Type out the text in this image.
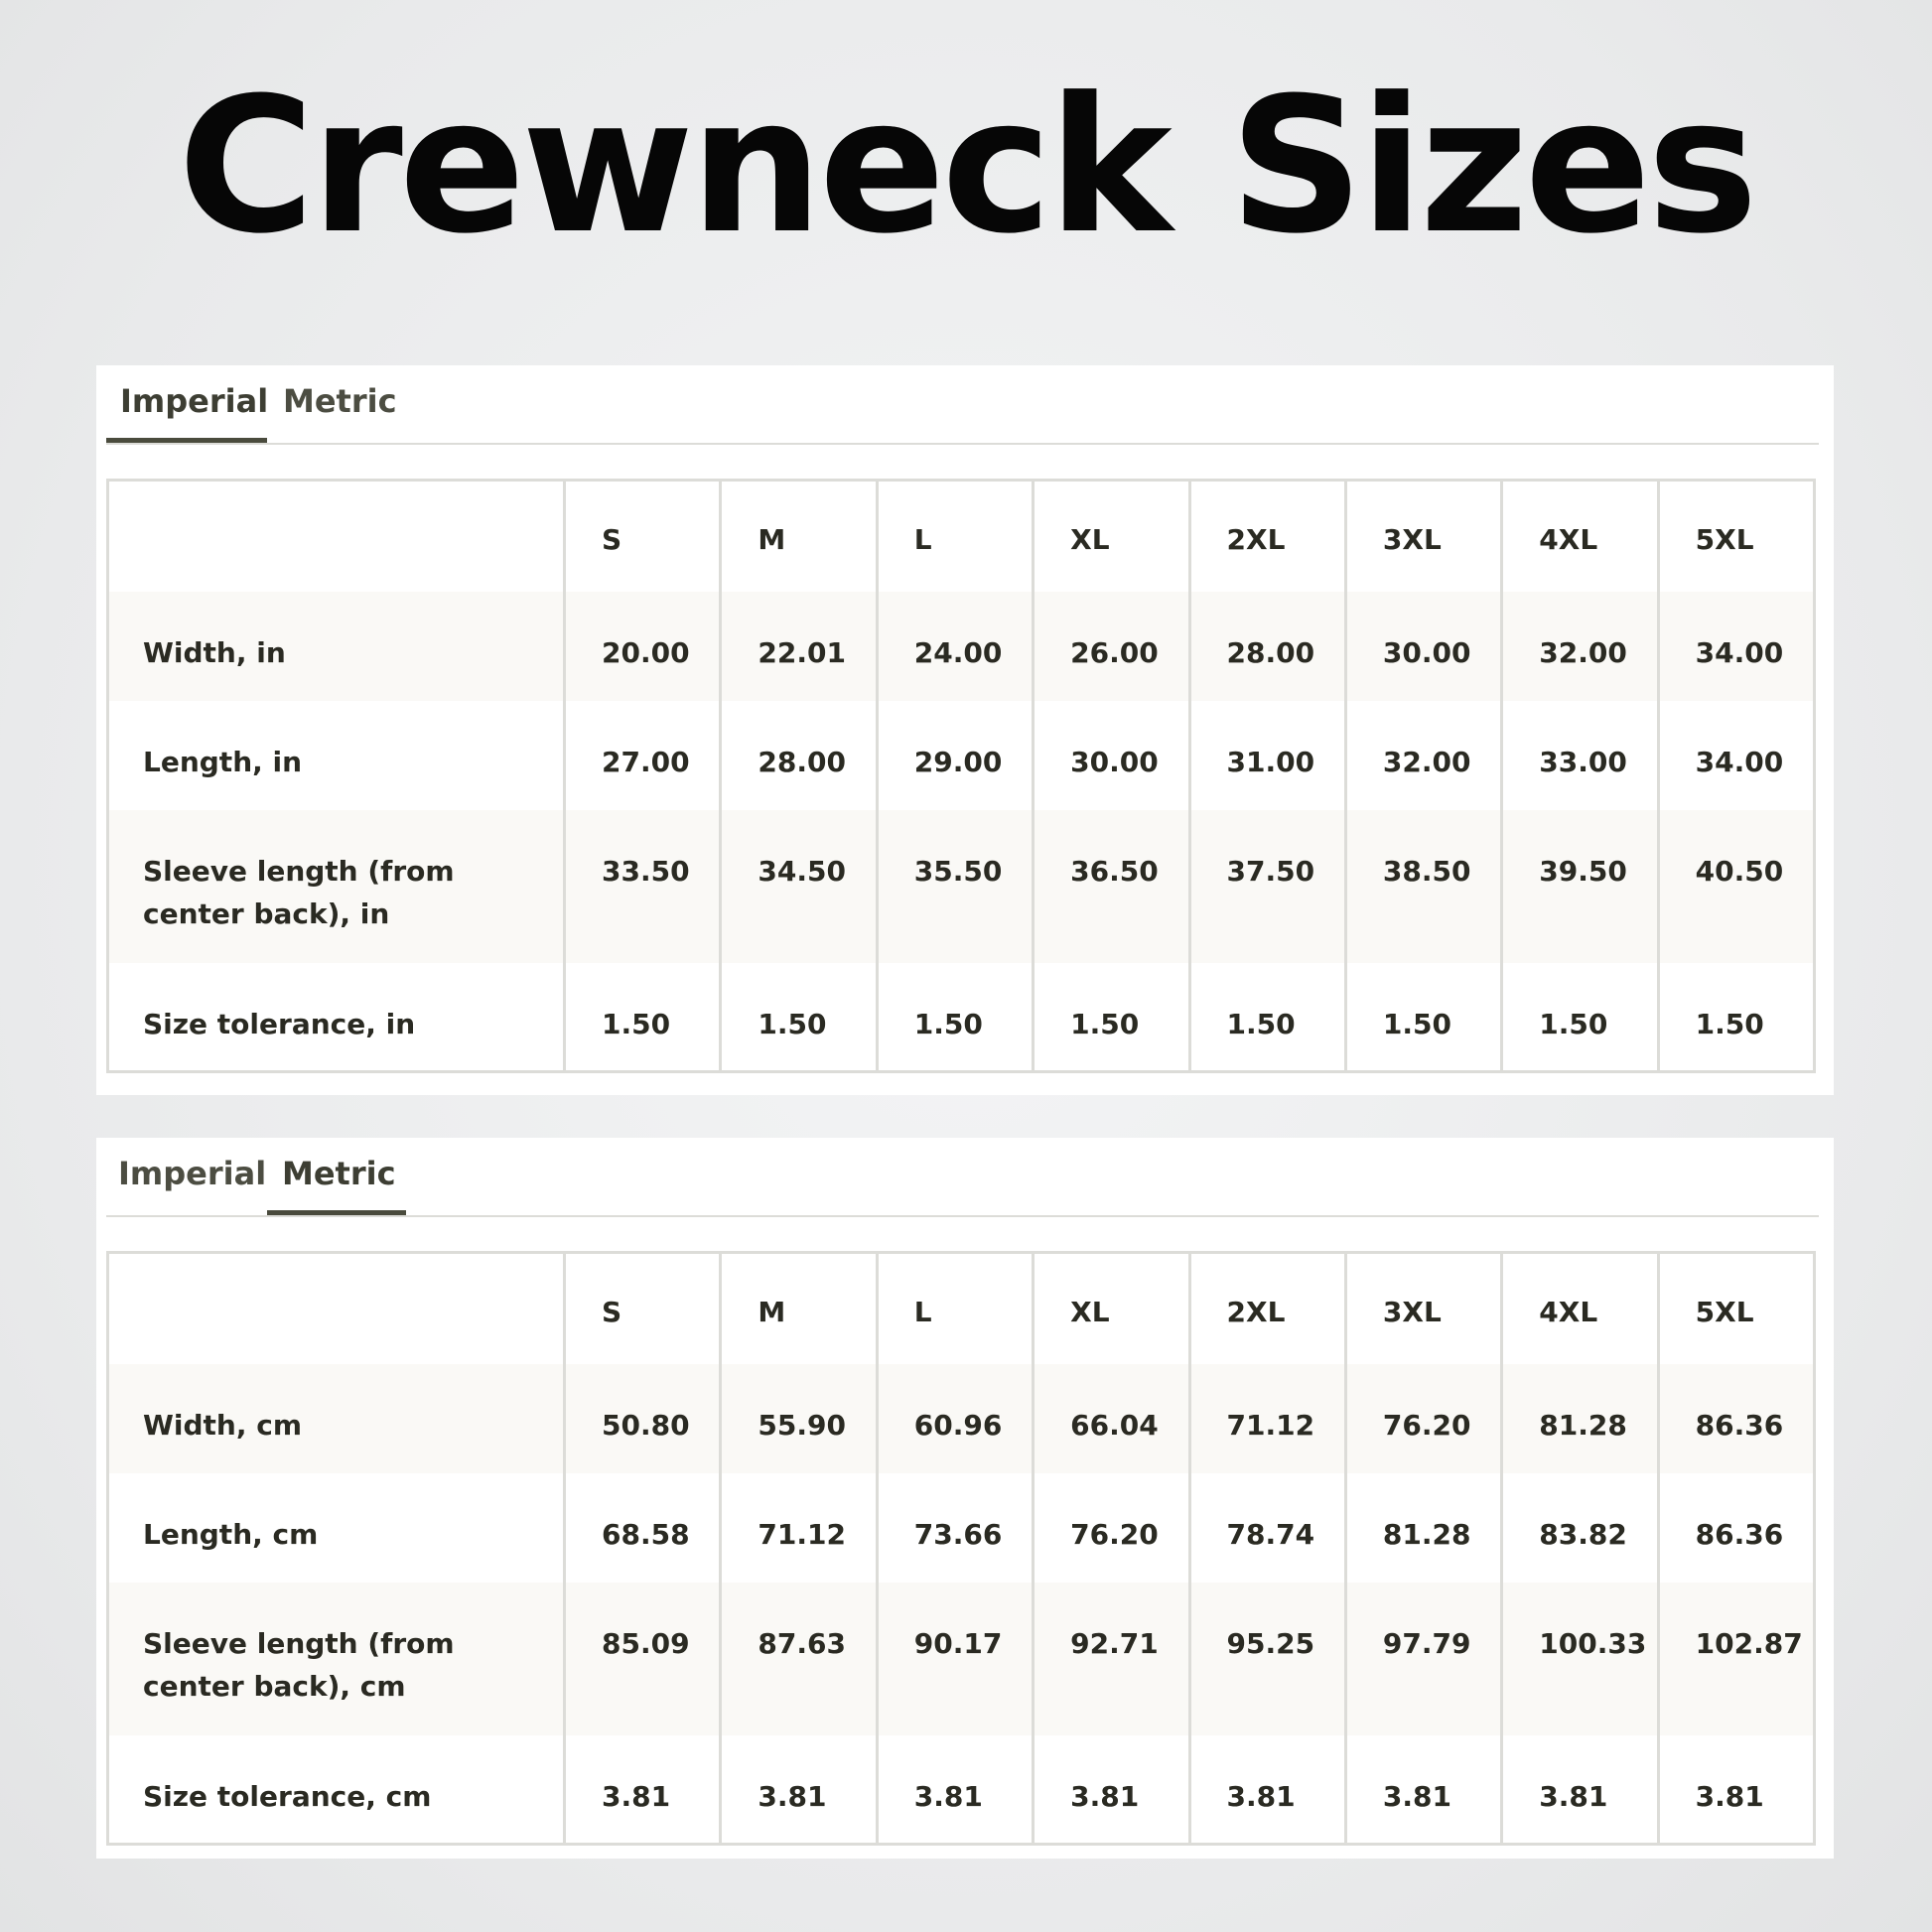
Crewneck Sizes
Imperial Metric
	S	M	L	XL	2XL	3XL	4XL	5XL
Width, in	20.00	22.01	24.00	26.00	28.00	30.00	32.00	34.00
Length, in	27.00	28.00	29.00	30.00	31.00	32.00	33.00	34.00
Sleeve length (from center back), in	33.50	34.50	35.50	36.50	37.50	38.50	39.50	40.50
Size tolerance, in	1.50	1.50	1.50	1.50	1.50	1.50	1.50	1.50
Imperial Metric
	S	M	L	XL	2XL	3XL	4XL	5XL
Width, cm	50.80	55.90	60.96	66.04	71.12	76.20	81.28	86.36
Length, cm	68.58	71.12	73.66	76.20	78.74	81.28	83.82	86.36
Sleeve length (from center back), cm	85.09	87.63	90.17	92.71	95.25	97.79	100.33	102.87
Size tolerance, cm	3.81	3.81	3.81	3.81	3.81	3.81	3.81	3.81
